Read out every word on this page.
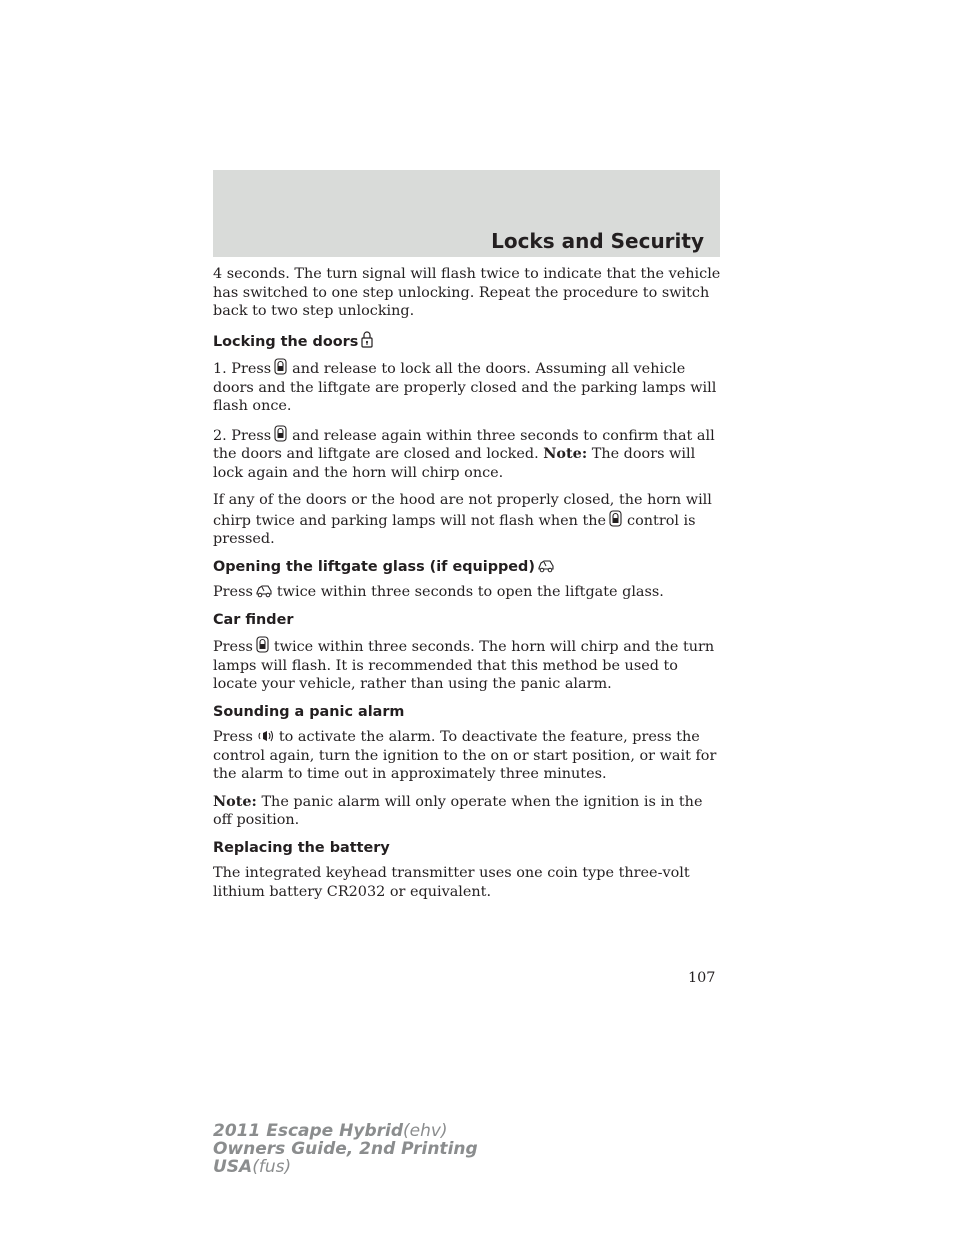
Locks and Security

4 seconds. The turn signal will flash twice to indicate that the vehicle has switched to one step unlocking. Repeat the procedure to switch back to two step unlocking.

Locking the doors

1. Press and release to lock all the doors. Assuming all vehicle doors and the liftgate are properly closed and the parking lamps will flash once.

2. Press and release again within three seconds to confirm that all the doors and liftgate are closed and locked. Note: The doors will lock again and the horn will chirp once.

If any of the doors or the hood are not properly closed, the horn will chirp twice and parking lamps will not flash when the control is pressed.

Opening the liftgate glass (if equipped)

Press twice within three seconds to open the liftgate glass.

Car finder

Press twice within three seconds. The horn will chirp and the turn lamps will flash. It is recommended that this method be used to locate your vehicle, rather than using the panic alarm.

Sounding a panic alarm

Press to activate the alarm. To deactivate the feature, press the control again, turn the ignition to the on or start position, or wait for the alarm to time out in approximately three minutes.

Note: The panic alarm will only operate when the ignition is in the off position.

Replacing the battery

The integrated keyhead transmitter uses one coin type three-volt lithium battery CR2032 or equivalent.

107
2011 Escape Hybrid(ehv)
Owners Guide, 2nd Printing
USA(fus)
